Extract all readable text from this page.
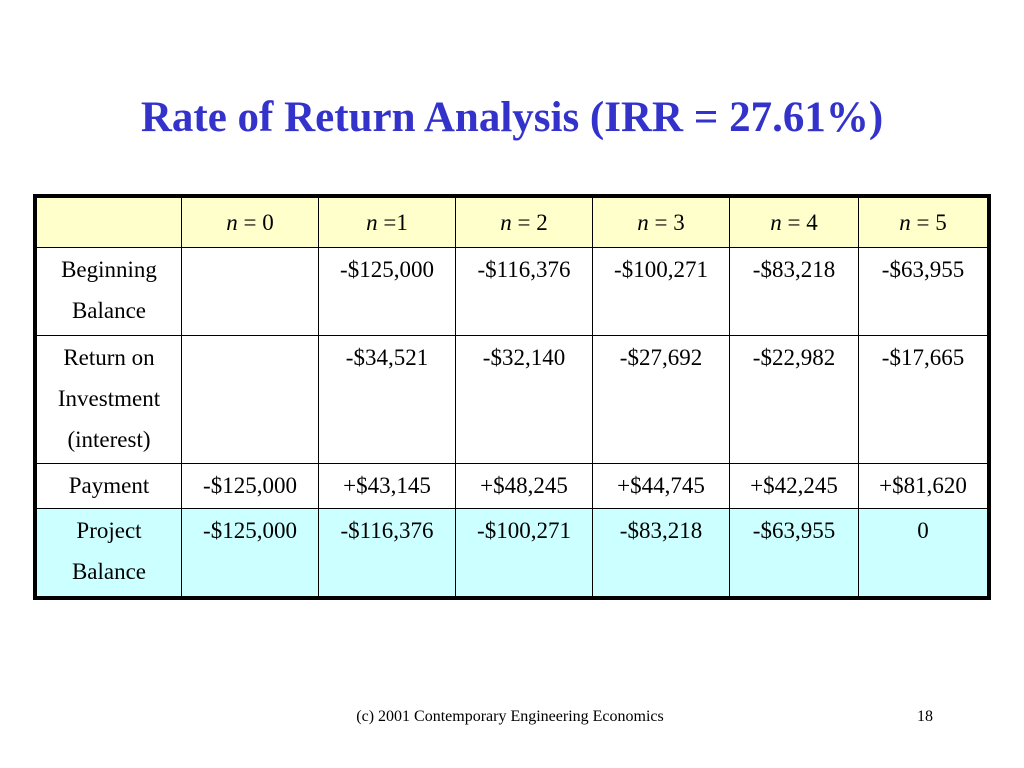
Rate of Return Analysis (IRR = 27.61%)
	n = 0	n =1	n = 2	n = 3	n = 4	n = 5
Beginning Balance		-$125,000	-$116,376	-$100,271	-$83,218	-$63,955
Return on Investment (interest)		-$34,521	-$32,140	-$27,692	-$22,982	-$17,665
Payment	-$125,000	+$43,145	+$48,245	+$44,745	+$42,245	+$81,620
Project Balance	-$125,000	-$116,376	-$100,271	-$83,218	-$63,955	0
(c) 2001 Contemporary Engineering Economics	18
